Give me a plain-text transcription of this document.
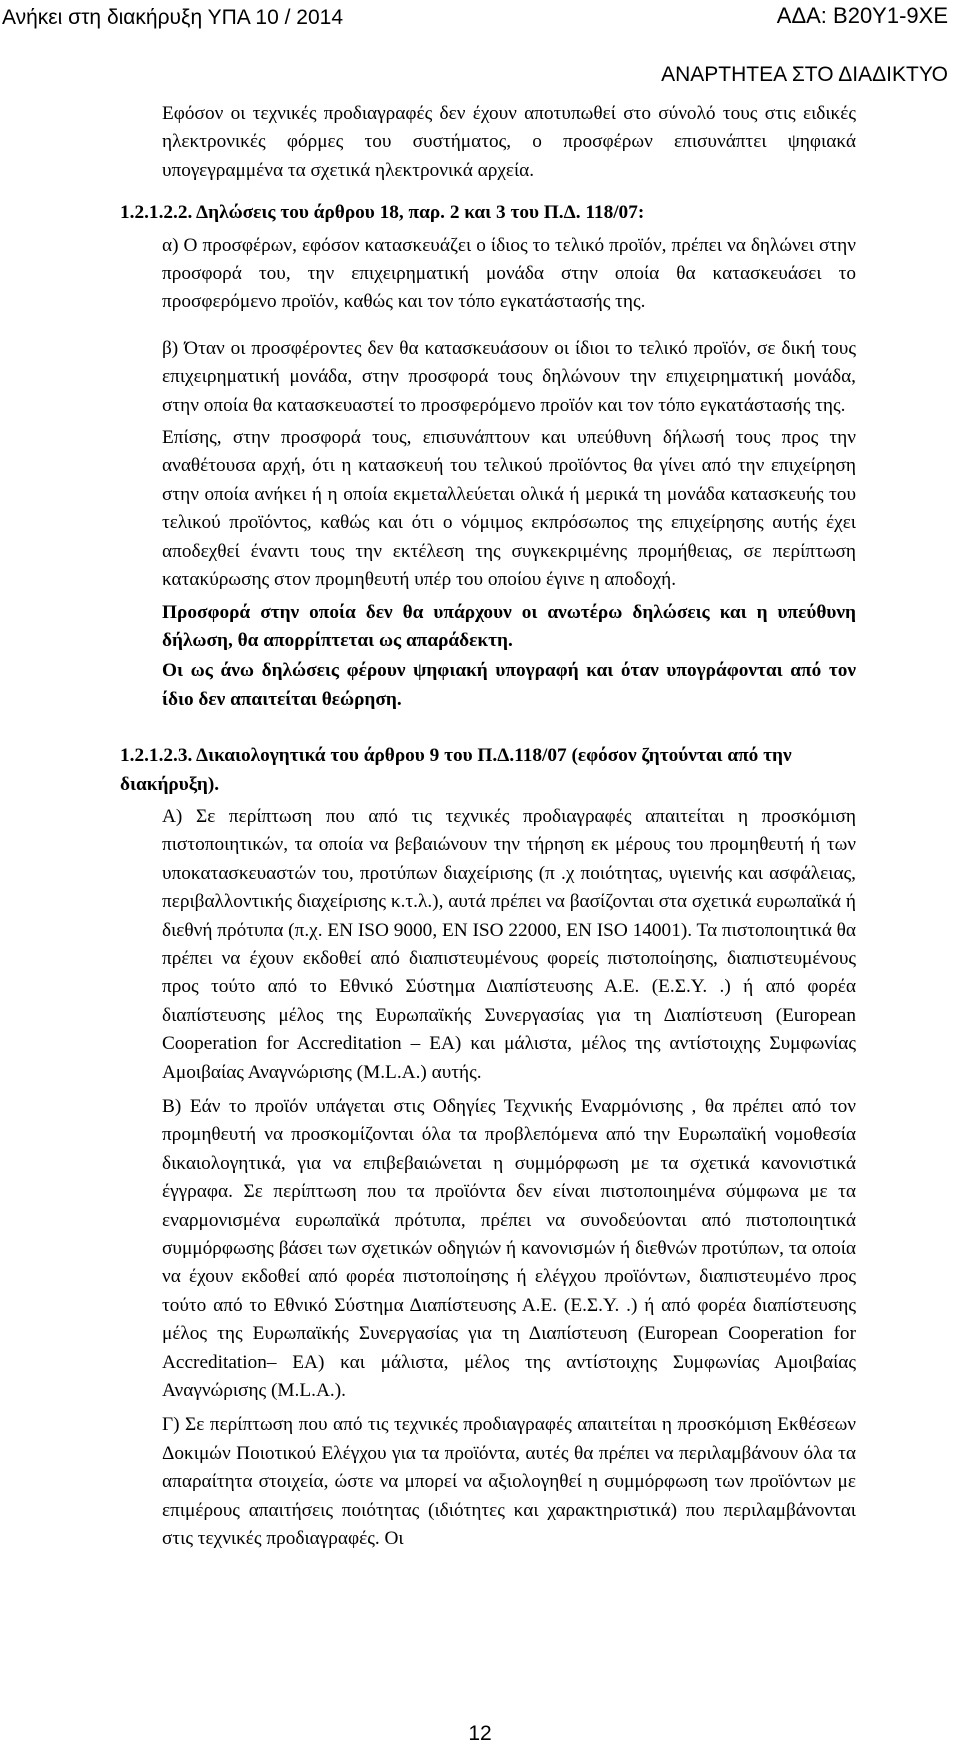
Ανήκει στη διακήρυξη ΥΠΑ 10 / 2014	ΑΔΑ: Β20Υ1-9ΧΕ
ΑΝΑΡΤΗΤΕΑ ΣΤΟ ΔΙΑΔΙΚΤΥΟ

Εφόσον οι τεχνικές προδιαγραφές δεν έχουν αποτυπωθεί στο σύνολό τους στις ειδικές ηλεκτρονικές φόρμες του συστήματος, ο προσφέρων επισυνάπτει ψηφιακά υπογεγραμμένα τα σχετικά ηλεκτρονικά αρχεία.

1.2.1.2.2. Δηλώσεις του άρθρου 18, παρ. 2 και 3 του Π.Δ. 118/07:

α) Ο προσφέρων, εφόσον κατασκευάζει ο ίδιος το τελικό προϊόν, πρέπει να δηλώνει στην προσφορά του, την επιχειρηματική μονάδα στην οποία θα κατασκευάσει το προσφερόμενο προϊόν, καθώς και τον τόπο εγκατάστασής της.

β) Όταν οι προσφέροντες δεν θα κατασκευάσουν οι ίδιοι το τελικό προϊόν, σε δική τους επιχειρηματική μονάδα, στην προσφορά τους δηλώνουν την επιχειρηματική μονάδα, στην οποία θα κατασκευαστεί το προσφερόμενο προϊόν και τον τόπο εγκατάστασής της.

Επίσης, στην προσφορά τους, επισυνάπτουν και υπεύθυνη δήλωσή τους προς την αναθέτουσα αρχή, ότι η κατασκευή του τελικού προϊόντος θα γίνει από την επιχείρηση στην οποία ανήκει ή η οποία εκμεταλλεύεται ολικά ή μερικά τη μονάδα κατασκευής του τελικού προϊόντος, καθώς και ότι ο νόμιμος εκπρόσωπος της επιχείρησης αυτής έχει αποδεχθεί έναντι τους την εκτέλεση της συγκεκριμένης προμήθειας, σε περίπτωση κατακύρωσης στον προμηθευτή υπέρ του οποίου έγινε η αποδοχή.

Προσφορά στην οποία δεν θα υπάρχουν οι ανωτέρω δηλώσεις και η υπεύθυνη δήλωση, θα απορρίπτεται ως απαράδεκτη.

Οι ως άνω δηλώσεις φέρουν ψηφιακή υπογραφή και όταν υπογράφονται από τον ίδιο δεν απαιτείται θεώρηση.

1.2.1.2.3. Δικαιολογητικά του άρθρου 9 του Π.Δ.118/07 (εφόσον ζητούνται από την διακήρυξη).

Α) Σε περίπτωση που από τις τεχνικές προδιαγραφές απαιτείται η προσκόμιση πιστοποιητικών, τα οποία να βεβαιώνουν την τήρηση εκ μέρους του προμηθευτή ή των υποκατασκευαστών του, προτύπων διαχείρισης (π .χ ποιότητας, υγιεινής και ασφάλειας, περιβαλλοντικής διαχείρισης κ.τ.λ.), αυτά πρέπει να βασίζονται στα σχετικά ευρωπαϊκά ή διεθνή πρότυπα (π.χ. EN ISO 9000, EN ISO 22000, EN ISO 14001). Τα πιστοποιητικά θα πρέπει να έχουν εκδοθεί από διαπιστευμένους φορείς πιστοποίησης, διαπιστευμένους προς τούτο από το Εθνικό Σύστημα Διαπίστευσης Α.Ε. (Ε.Σ.Υ. .) ή από φορέα διαπίστευσης μέλος της Ευρωπαϊκής Συνεργασίας για τη Διαπίστευση (European Cooperation for Accreditation – EA) και μάλιστα, μέλος της αντίστοιχης Συμφωνίας Αμοιβαίας Αναγνώρισης (M.L.A.) αυτής.

Β) Εάν το προϊόν υπάγεται στις Οδηγίες Τεχνικής Εναρμόνισης , θα πρέπει από τον προμηθευτή να προσκομίζονται όλα τα προβλεπόμενα από την Ευρωπαϊκή νομοθεσία δικαιολογητικά, για να επιβεβαιώνεται η συμμόρφωση με τα σχετικά κανονιστικά έγγραφα. Σε περίπτωση που τα προϊόντα δεν είναι πιστοποιημένα σύμφωνα με τα εναρμονισμένα ευρωπαϊκά πρότυπα, πρέπει να συνοδεύονται από πιστοποιητικά συμμόρφωσης βάσει των σχετικών οδηγιών ή κανονισμών ή διεθνών προτύπων, τα οποία να έχουν εκδοθεί από φορέα πιστοποίησης ή ελέγχου προϊόντων, διαπιστευμένο προς τούτο από το Εθνικό Σύστημα Διαπίστευσης Α.Ε. (Ε.Σ.Υ. .) ή από φορέα διαπίστευσης μέλος της Ευρωπαϊκής Συνεργασίας για τη Διαπίστευση (European Cooperation for Accreditation– EA) και μάλιστα, μέλος της αντίστοιχης Συμφωνίας Αμοιβαίας Αναγνώρισης (M.L.A.).

Γ) Σε περίπτωση που από τις τεχνικές προδιαγραφές απαιτείται η προσκόμιση Εκθέσεων Δοκιμών Ποιοτικού Ελέγχου για τα προϊόντα, αυτές θα πρέπει να περιλαμβάνουν όλα τα απαραίτητα στοιχεία, ώστε να μπορεί να αξιολογηθεί η συμμόρφωση των προϊόντων με επιμέρους απαιτήσεις ποιότητας (ιδιότητες και χαρακτηριστικά) που περιλαμβάνονται στις τεχνικές προδιαγραφές. Οι

12
